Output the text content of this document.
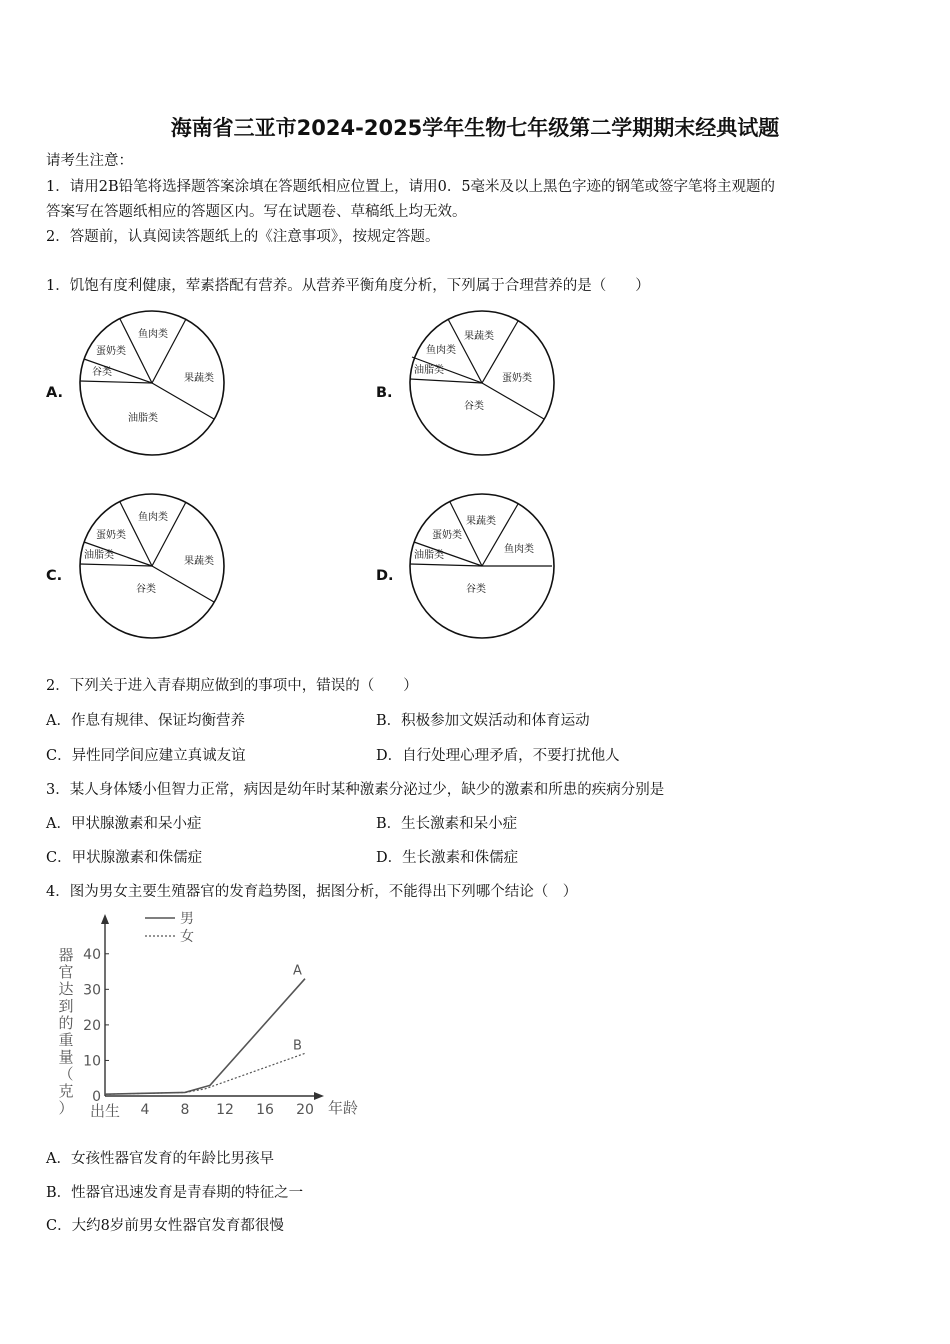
海南省三亚市2024-2025学年生物七年级第二学期期末经典试题
请考生注意：
1．请用2B铅笔将选择题答案涂填在答题纸相应位置上，请用0．5毫米及以上黑色字迹的钢笔或签字笔将主观题的
答案写在答题纸相应的答题区内。写在试题卷、草稿纸上均无效。
2．答题前，认真阅读答题纸上的《注意事项》，按规定答题。
1．饥饱有度利健康，荤素搭配有营养。从营养平衡角度分析，下列属于合理营养的是（　　）
A.
鱼肉类
蛋奶类
谷类
果蔬类
油脂类
B.
鱼肉类
果蔬类
油脂类
蛋奶类
谷类
C.
鱼肉类
蛋奶类
油脂类
果蔬类
谷类
D.
果蔬类
蛋奶类
油脂类
鱼肉类
谷类
2．下列关于进入青春期应做到的事项中，错误的（　　）
A．作息有规律、保证均衡营养	B．积极参加文娱活动和体育运动
C．异性同学间应建立真诚友谊	D．自行处理心理矛盾，不要打扰他人
3．某人身体矮小但智力正常，病因是幼年时某种激素分泌过少，缺少的激素和所患的疾病分别是
A．甲状腺激素和呆小症	B．生长激素和呆小症
C．甲状腺激素和侏儒症	D．生长激素和侏儒症
4．图为男女主要生殖器官的发育趋势图，据图分析，不能得出下列哪个结论（　）
器
官
达
到
的
重
量
（
克
）	年龄
出生
0
10
20
30
40
4 8 12 16 20
男
女
A
B
A．女孩性器官发育的年龄比男孩早
B．性器官迅速发育是青春期的特征之一
C．大约8岁前男女性器官发育都很慢
